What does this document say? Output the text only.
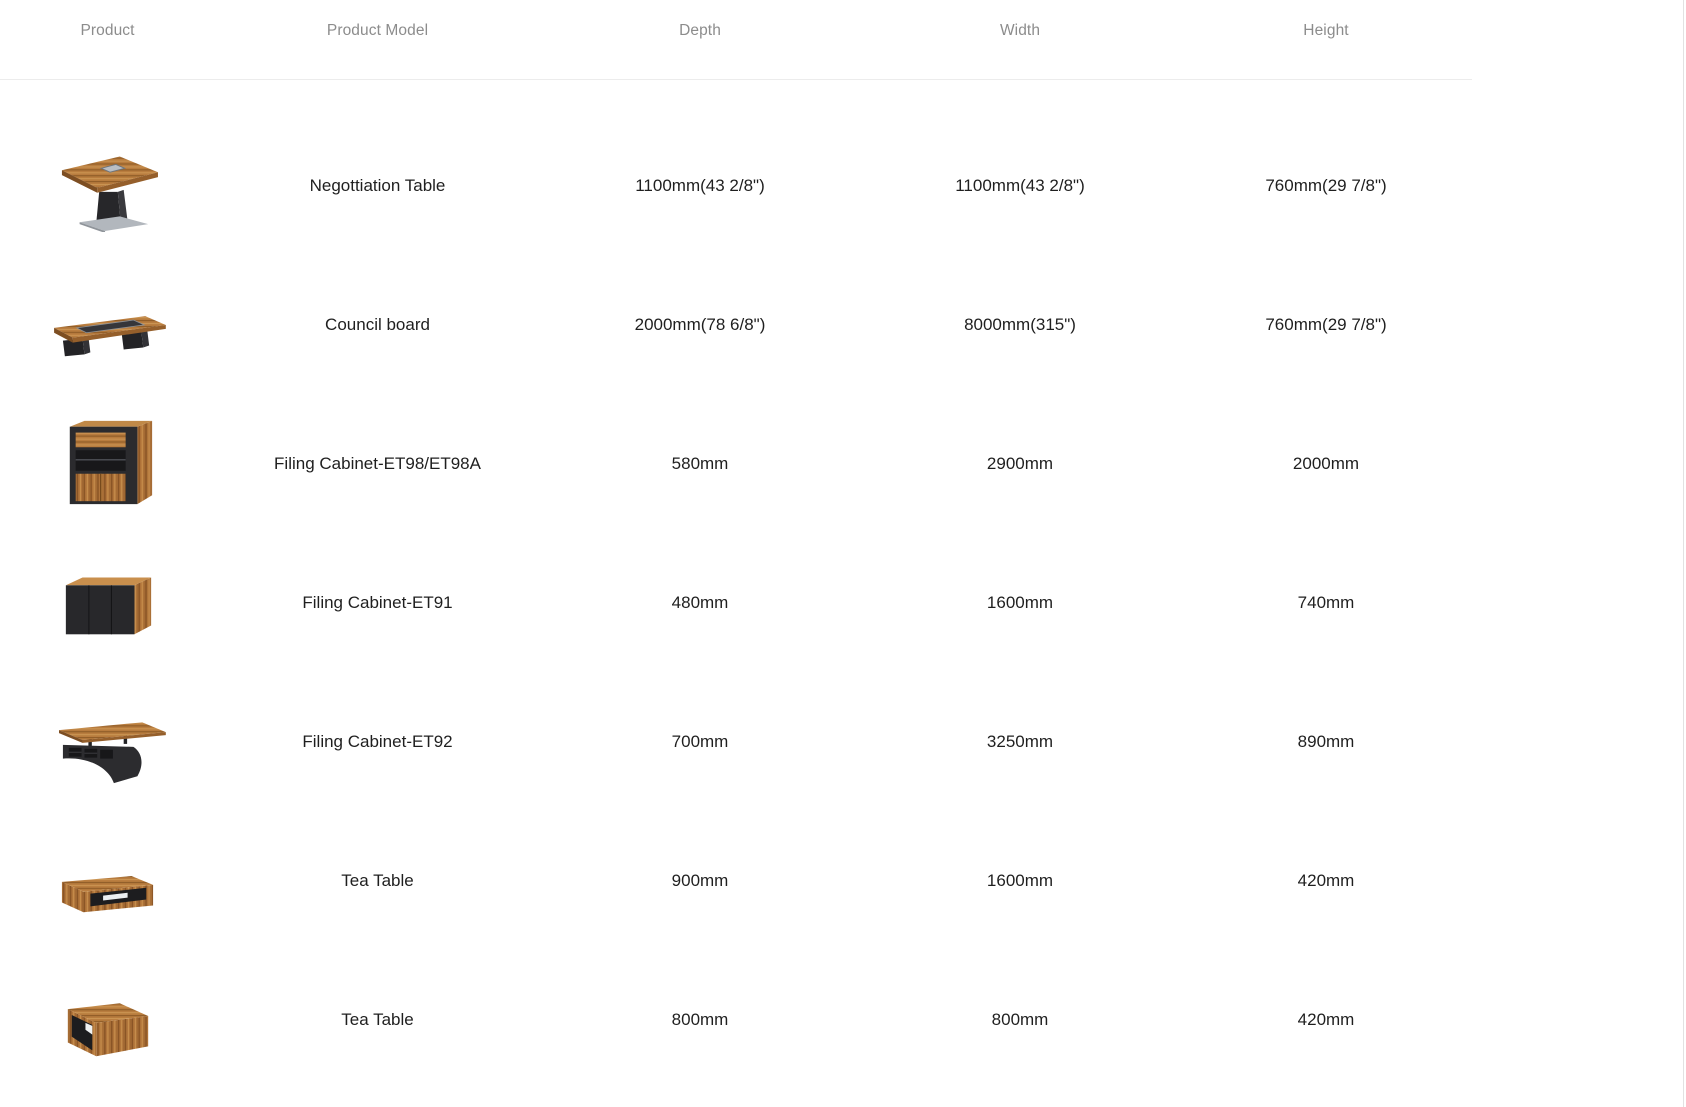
Product	Product Model	Depth	Width	Height

	Negottiation Table	1100mm(43 2/8")	1100mm(43 2/8")	760mm(29 7/8")

	Council board	2000mm(78 6/8")	8000mm(315")	760mm(29 7/8")

	Filing Cabinet-ET98/ET98A	580mm	2900mm	2000mm

	Filing Cabinet-ET91	480mm	1600mm	740mm

	Filing Cabinet-ET92	700mm	3250mm	890mm

	Tea Table	900mm	1600mm	420mm

	Tea Table	800mm	800mm	420mm
